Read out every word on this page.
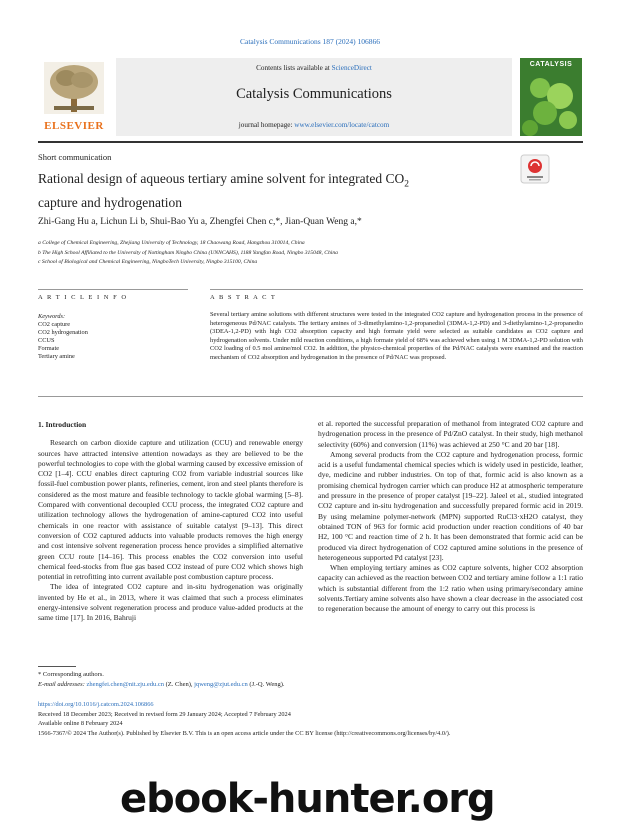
Catalysis Communications 187 (2024) 106866
ELSEVIER
Contents lists available at ScienceDirect
Catalysis Communications
journal homepage: www.elsevier.com/locate/catcom
CATALYSIS
Short communication
Rational design of aqueous tertiary amine solvent for integrated $CO_2$
capture and hydrogenation
Zhi-Gang Hu a, Lichun Li b, Shui-Bao Yu a, Zhengfei Chen c,*, Jian-Quan Weng a,*
a College of Chemical Engineering, Zhejiang University of Technology, 18 Chaowang Road, Hangzhou 310014, China
b The High School Affiliated to the University of Nottingham Ningbo China (UNNCAHS), 1188 Yangfan Road, Ningbo 315048, China
c School of Biological and Chemical Engineering, NingboTech University, Ningbo 315100, China
A R T I C L E I N F O	A B S T R A C T
Keywords:
CO2 capture
CO2 hydrogenation
CCUS
Formate
Tertiary amine
Several tertiary amine solutions with different structures were tested in the integrated CO2 capture and hydrogenation process in the presence of heterogeneous Pd/NAC catalysts. The tertiary amines of 3-dimethylamino-1,2-propanediol (3DMA-1,2-PD) and 3-diethylamino-1,2-propanedio (3DEA-1,2-PD) with high CO2 absorption capacity and high formate yield were selected as suitable candidates as CO2 capture and hydrogenation solvents. Under mild reaction conditions, a high formate yield of 68% was achieved when using 1 M 3DMA-1,2-PD solution with CO2 loading of 0.5 mol amine/mol CO2. In addition, the physico-chemical properties of the Pd/NAC catalysts were examined and the reaction mechanism of CO2 absorption and hydrogenation in the presence of Pd/NAC was proposed.
1. Introduction

Research on carbon dioxide capture and utilization (CCU) and renewable energy sources have attracted intensive attention nowadays as they are believed to be the powerful technologies to cope with the global warming caused by excessive emission of CO2 [1–4]. CCU enables direct capturing CO2 from variable industrial sources like fossil-fuel combustion power plants, refineries, cement, iron and steel plants therefore is considered as the most mature and feasible technology to tackle global warming [5–8]. Compared with conventional decoupled CCU process, the integrated CO2 capture and utilization technology allows the hydrogenation of amine-captured CO2 into useful chemicals in one reactor with assistance of suitable catalyst [9–13]. This direct conversion of CO2 captured adducts into valuable products removes the high energy and cost intensive solvent regeneration process hence provides a simplified alternative green CCU route [14–16]. This process enables the CO2 conversion into useful chemical feed-stocks from flue gas based CO2 instead of pure CO2 which shows high potential in retrofitting into current available post combustion capture process.

The idea of integrated CO2 capture and in-situ hydrogenation was originally invented by He et al., in 2013, where it was claimed that such a process eliminates energy-intensive solvent regeneration process and produce value-added products at the same time [17]. In 2016, Bahruji

et al. reported the successful preparation of methanol from integrated CO2 capture and hydrogenation process in the presence of Pd/ZnO catalyst. In their study, high methanol selectivity (60%) and conversion (11%) was achieved at 250 °C and 20 bar [18].

Among several products from the CO2 capture and hydrogenation process, formic acid is a useful fundamental chemical species which is widely used in pesticide, leather, dye, medicine and rubber industries. On top of that, formic acid is also known as a promising chemical hydrogen carrier which can produce H2 at atmospheric temperature and pressure in the presence of proper catalyst [19–22]. Jaleel et al., studied integrated CO2 capture and in-situ hydrogenation and successfully prepared formic acid in 2019. By using melamine polymer-network (MPN) supported RuCl3·xH2O catalyst, they obtained TON of 963 for formic acid production under reaction conditions of 40 bar H2, 100 °C and reaction time of 2 h. It has been demonstrated that formic acid can be produced via direct hydrogenation of CO2 captured amine solutions in the presence of heterogeneous supported Pd catalyst [23].

When employing tertiary amines as CO2 capture solvents, higher CO2 absorption capacity can achieved as the reaction between CO2 and tertiary amine follow a 1:1 ratio which is substantial different from the 1:2 ratio when using primary/secondary amine solvents.Tertiary amine solvents also have shown a clear decrease in the associated cost to regeneration because the amount of energy to carry out this process is

* Corresponding authors.
E-mail addresses: zhengfei.chen@nit.zju.edu.cn (Z. Chen), jqweng@zjut.edu.cn (J.-Q. Weng).
https://doi.org/10.1016/j.catcom.2024.106866
Received 18 December 2023; Received in revised form 29 January 2024; Accepted 7 February 2024
Available online 8 February 2024
1566-7367/© 2024 The Author(s). Published by Elsevier B.V. This is an open access article under the CC BY license (http://creativecommons.org/licenses/by/4.0/).
ebook-hunter.org
